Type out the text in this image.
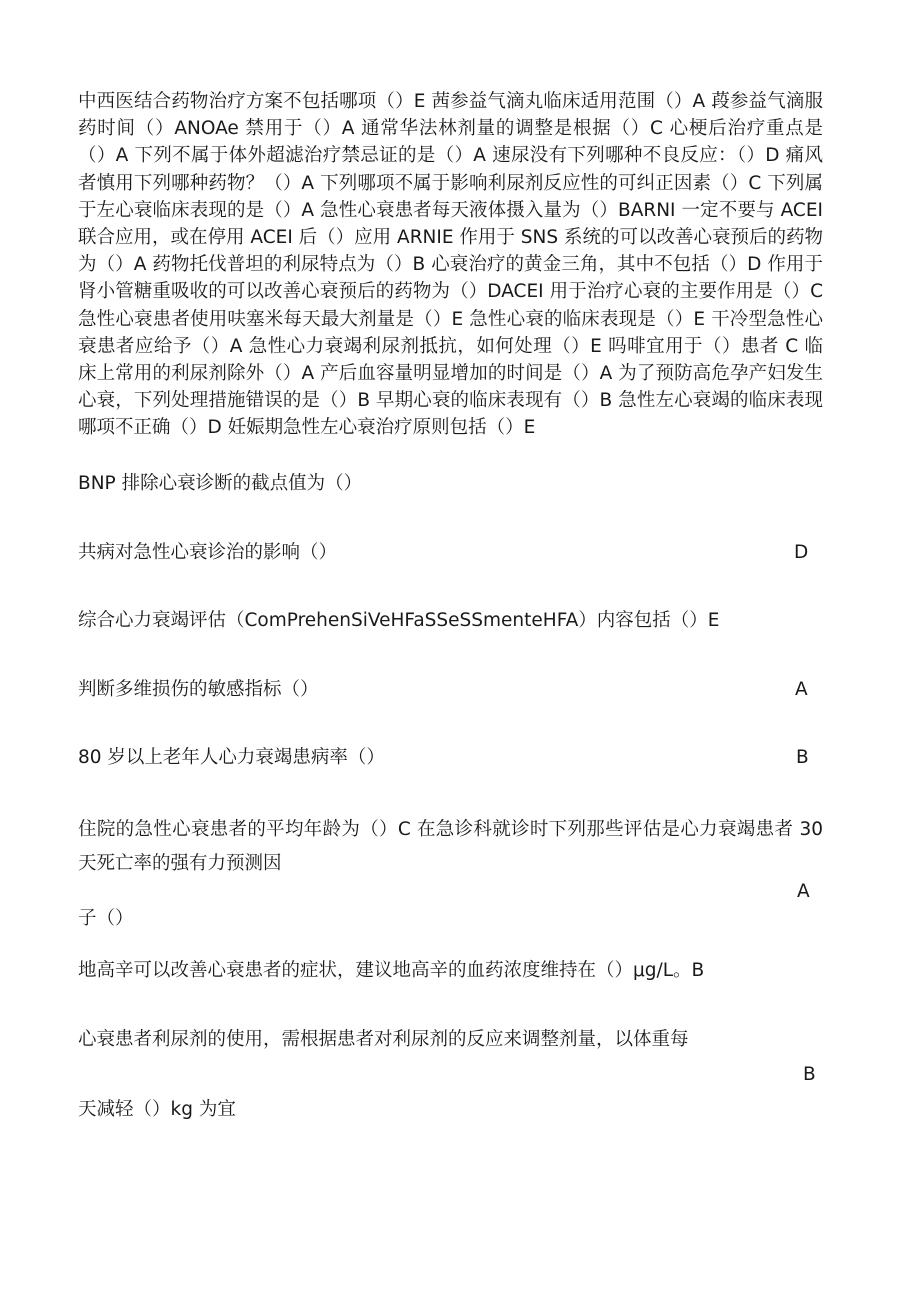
中西医结合药物治疗方案不包括哪项（）E 茜参益气滴丸临床适用范围（）A 葮参益气滴服药时间（）ANOAe 禁用于（）A 通常华法林剂量的调整是根据（）C 心梗后治疗重点是（）A 下列不属于体外超滤治疗禁忌证的是（）A 速尿没有下列哪种不良反应：（）D 痛风者慎用下列哪种药物？（）A 下列哪项不属于影响利尿剂反应性的可纠正因素（）C 下列属于左心衰临床表现的是（）A 急性心衰患者每天液体摄入量为（）BARNI 一定不要与 ACEI 联合应用，或在停用 ACEI 后（）应用 ARNIE 作用于 SNS 系统的可以改善心衰预后的药物为（）A 药物托伐普坦的利尿特点为（）B 心衰治疗的黄金三角，其中不包括（）D 作用于肾小管糖重吸收的可以改善心衰预后的药物为（）DACEI 用于治疗心衰的主要作用是（）C 急性心衰患者使用呋塞米每天最大剂量是（）E 急性心衰的临床表现是（）E 干冷型急性心衰患者应给予（）A 急性心力衰竭利尿剂抵抗，如何处理（）E 吗啡宜用于（）患者 C 临床上常用的利尿剂除外（）A 产后血容量明显增加的时间是（）A 为了预防高危孕产妇发生心衰，下列处理措施错误的是（）B 早期心衰的临床表现有（）B 急性左心衰竭的临床表现哪项不正确（）D 妊娠期急性左心衰治疗原则包括（）E

BNP 排除心衰诊断的截点值为（）

共病对急性心衰诊治的影响（）	D

综合心力衰竭评估（ComPrehenSiVeHFaSSeSSmenteHFA）内容包括（）E

判断多维损伤的敏感指标（）	A

80 岁以上老年人心力衰竭患病率（）	B

住院的急性心衰患者的平均年龄为（）C 在急诊科就诊时下列那些评估是心力衰竭患者 30 天死亡率的强有力预测因

A

子（）

地高辛可以改善心衰患者的症状，建议地高辛的血药浓度维持在（）μg∕L。B

心衰患者利尿剂的使用，需根据患者对利尿剂的反应来调整剂量，以体重每

B

天减轻（）kg 为宜
